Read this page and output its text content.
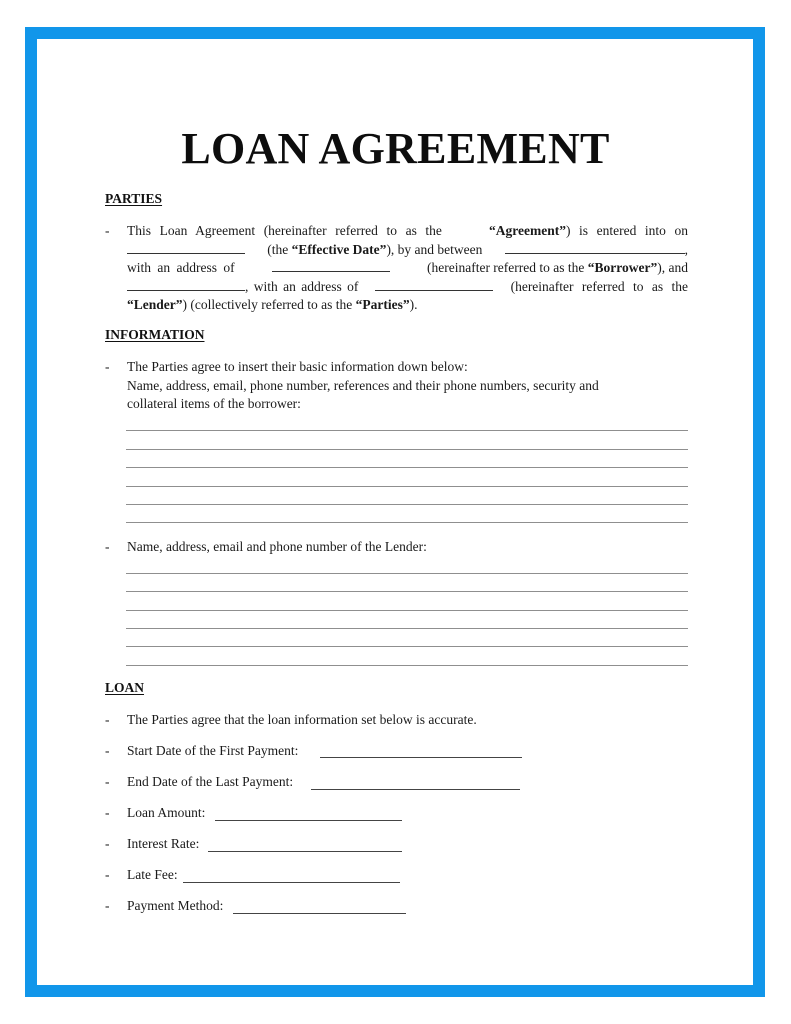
LOAN AGREEMENT
PARTIES
- This Loan Agreement (hereinafter referred to as the	“Agreement”) is entered into on
(the “Effective Date”), by and between	,
with an address of	(hereinafter referred to as the “Borrower”), and
, with an address of	(hereinafter referred to as the
“Lender” ) (collectively referred to as the
“Parties” ).
INFORMATION
- The Parties agree to insert their basic information down below:
Name, address, email, phone number, references and their phone numbers, security and
collateral items of the borrower:
- Name, address, email and phone number of the Lender:
LOAN
- The Parties agree that the loan information set below is accurate.
- Start Date of the First Payment:
- End Date of the Last Payment:
- Loan Amount:
- Interest Rate:
- Late Fee:
- Payment Method:
